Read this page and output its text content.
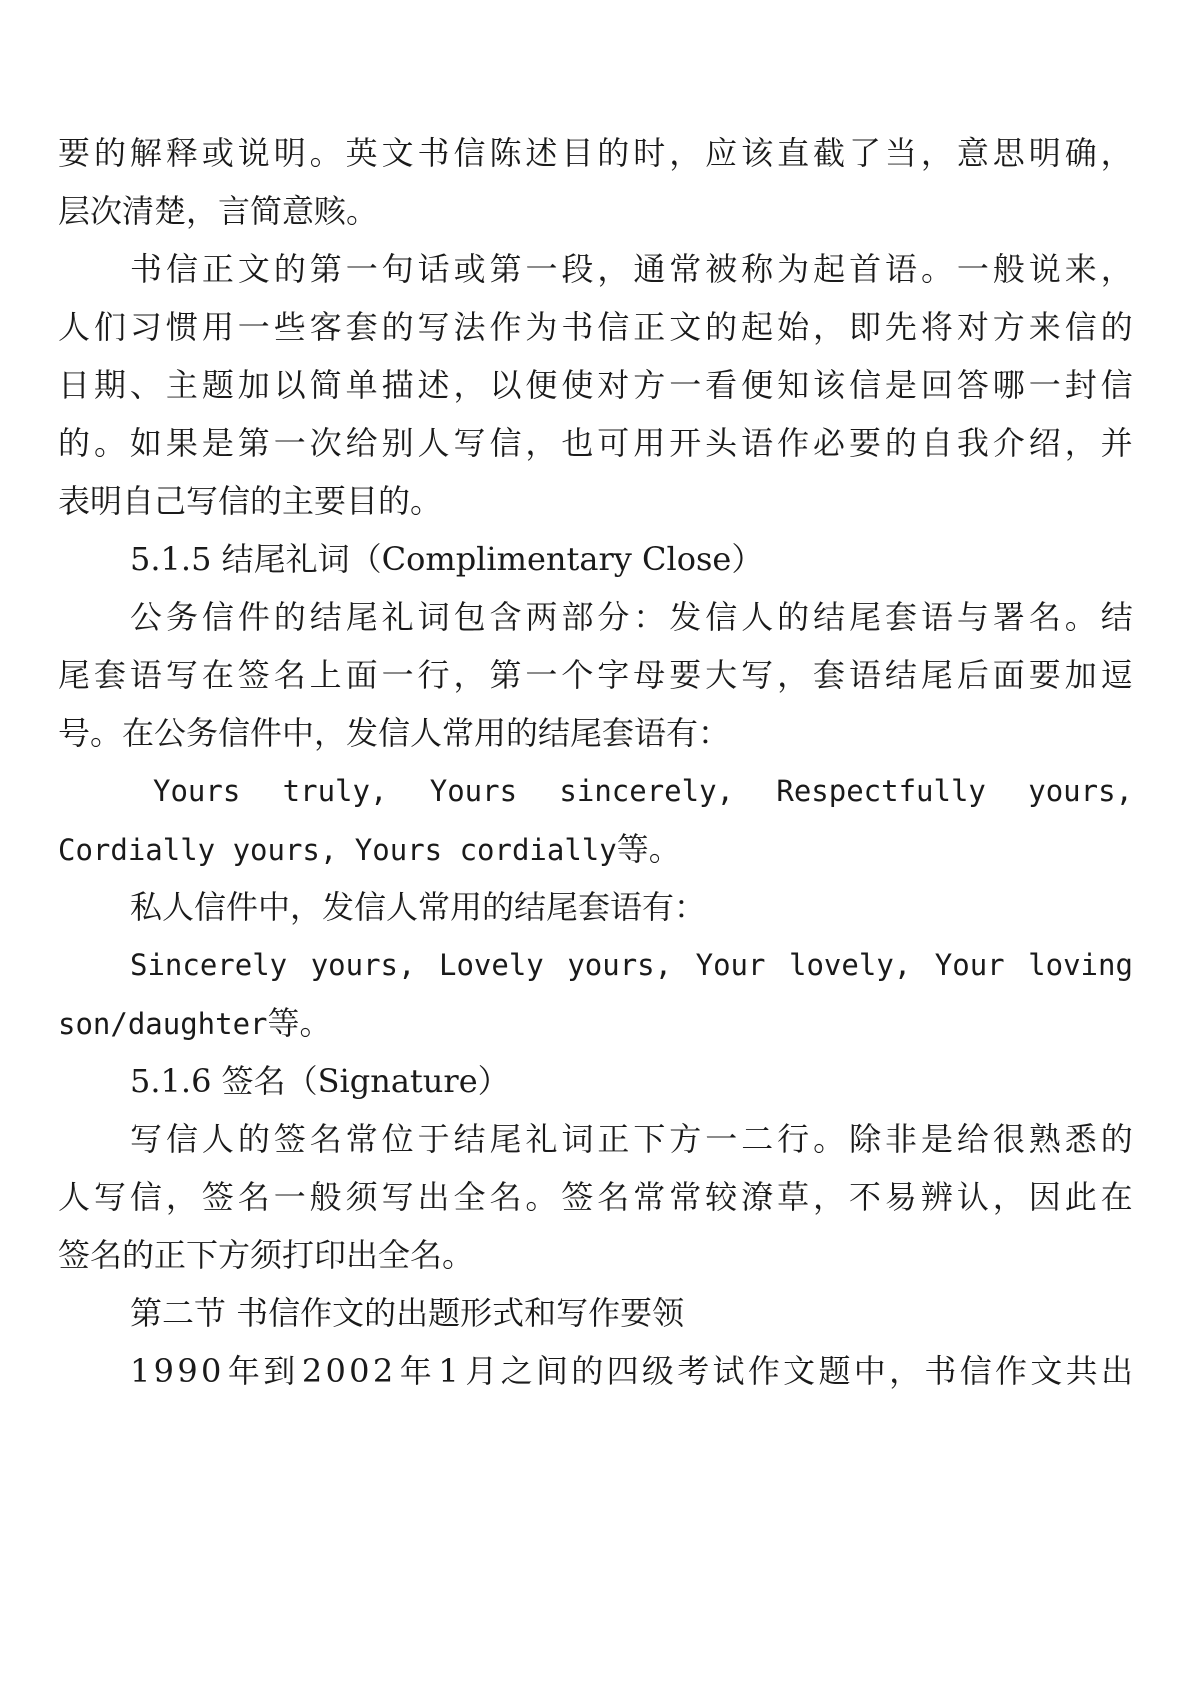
要 的 解 释 或 说 明 。 英 文 书 信 陈 述 目 的 时 ， 应 该 直 截 了 当 ， 意 思 明 确 ，
层次清楚，言简意赅。
书 信 正 文 的 第 一 句 话 或 第 一 段 ， 通 常 被 称 为 起 首 语 。 一 般 说 来 ，
人 们 习 惯 用 一 些 客 套 的 写 法 作 为 书 信 正 文 的 起 始 ， 即 先 将 对 方 来 信 的
日 期 、 主 题 加 以 简 单 描 述 ， 以 便 使 对 方 一 看 便 知 该 信 是 回 答 哪 一 封 信
的 。 如 果 是 第 一 次 给 别 人 写 信 ， 也 可 用 开 头 语 作 必 要 的 自 我 介 绍 ， 并
表明自己写信的主要目的。
5.1.5 结尾礼词（Complimentary Close）
公 务 信 件 的 结 尾 礼 词 包 含 两 部 分 ： 发 信 人 的 结 尾 套 语 与 署 名 。 结
尾 套 语 写 在 签 名 上 面 一 行 ， 第 一 个 字 母 要 大 写 ， 套 语 结 尾 后 面 要 加 逗
号。在公务信件中，发信人常用的结尾套语有：
Yours truly, Yours sincerely, Respectfully yours,
Cordially yours, Yours cordially等。
私人信件中，发信人常用的结尾套语有：
Sincerely yours, Lovely yours, Your lovely, Your loving
son/daughter等。
5.1.6 签名（Signature）
写 信 人 的 签 名 常 位 于 结 尾 礼 词 正 下 方 一 二 行 。 除 非 是 给 很 熟 悉 的
人 写 信 ， 签 名 一 般 须 写 出 全 名 。 签 名 常 常 较 潦 草 ， 不 易 辨 认 ， 因 此 在
签名的正下方须打印出全名。
第二节 书信作文的出题形式和写作要领
1 9 9 0 年 到 2 0 0 2 年 1 月 之 间 的 四 级 考 试 作 文 题 中 ， 书 信 作 文 共 出
